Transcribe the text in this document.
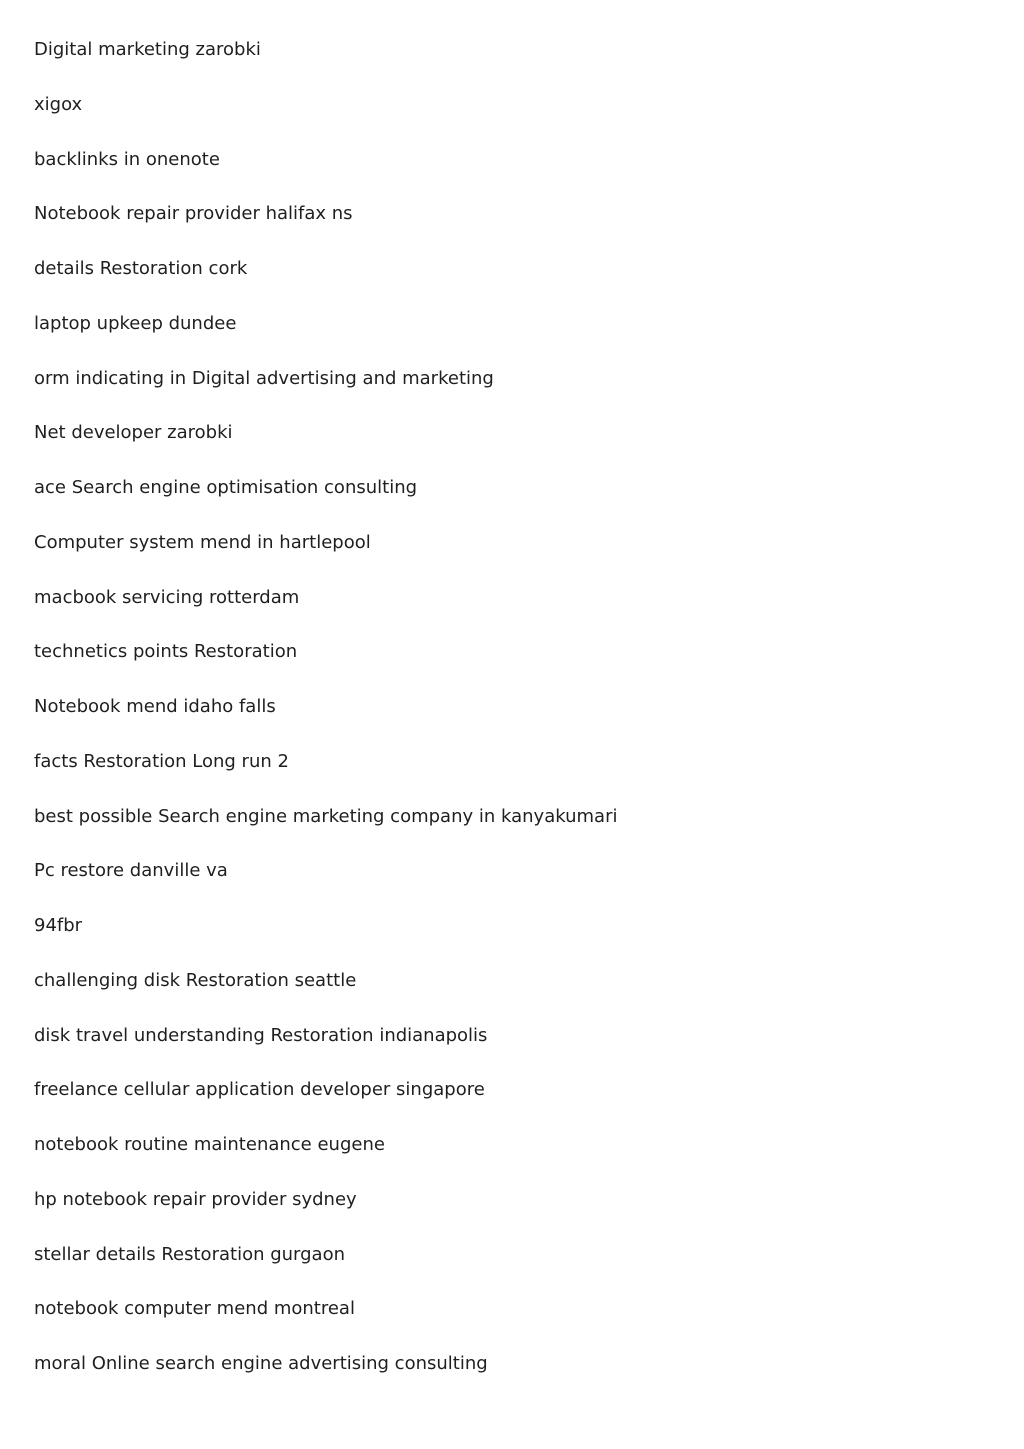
Digital marketing zarobki
xigox
backlinks in onenote
Notebook repair provider halifax ns
details Restoration cork
laptop upkeep dundee
orm indicating in Digital advertising and marketing
Net developer zarobki
ace Search engine optimisation consulting
Computer system mend in hartlepool
macbook servicing rotterdam
technetics points Restoration
Notebook mend idaho falls
facts Restoration Long run 2
best possible Search engine marketing company in kanyakumari
Pc restore danville va
94fbr
challenging disk Restoration seattle
disk travel understanding Restoration indianapolis
freelance cellular application developer singapore
notebook routine maintenance eugene
hp notebook repair provider sydney
stellar details Restoration gurgaon
notebook computer mend montreal
moral Online search engine advertising consulting
